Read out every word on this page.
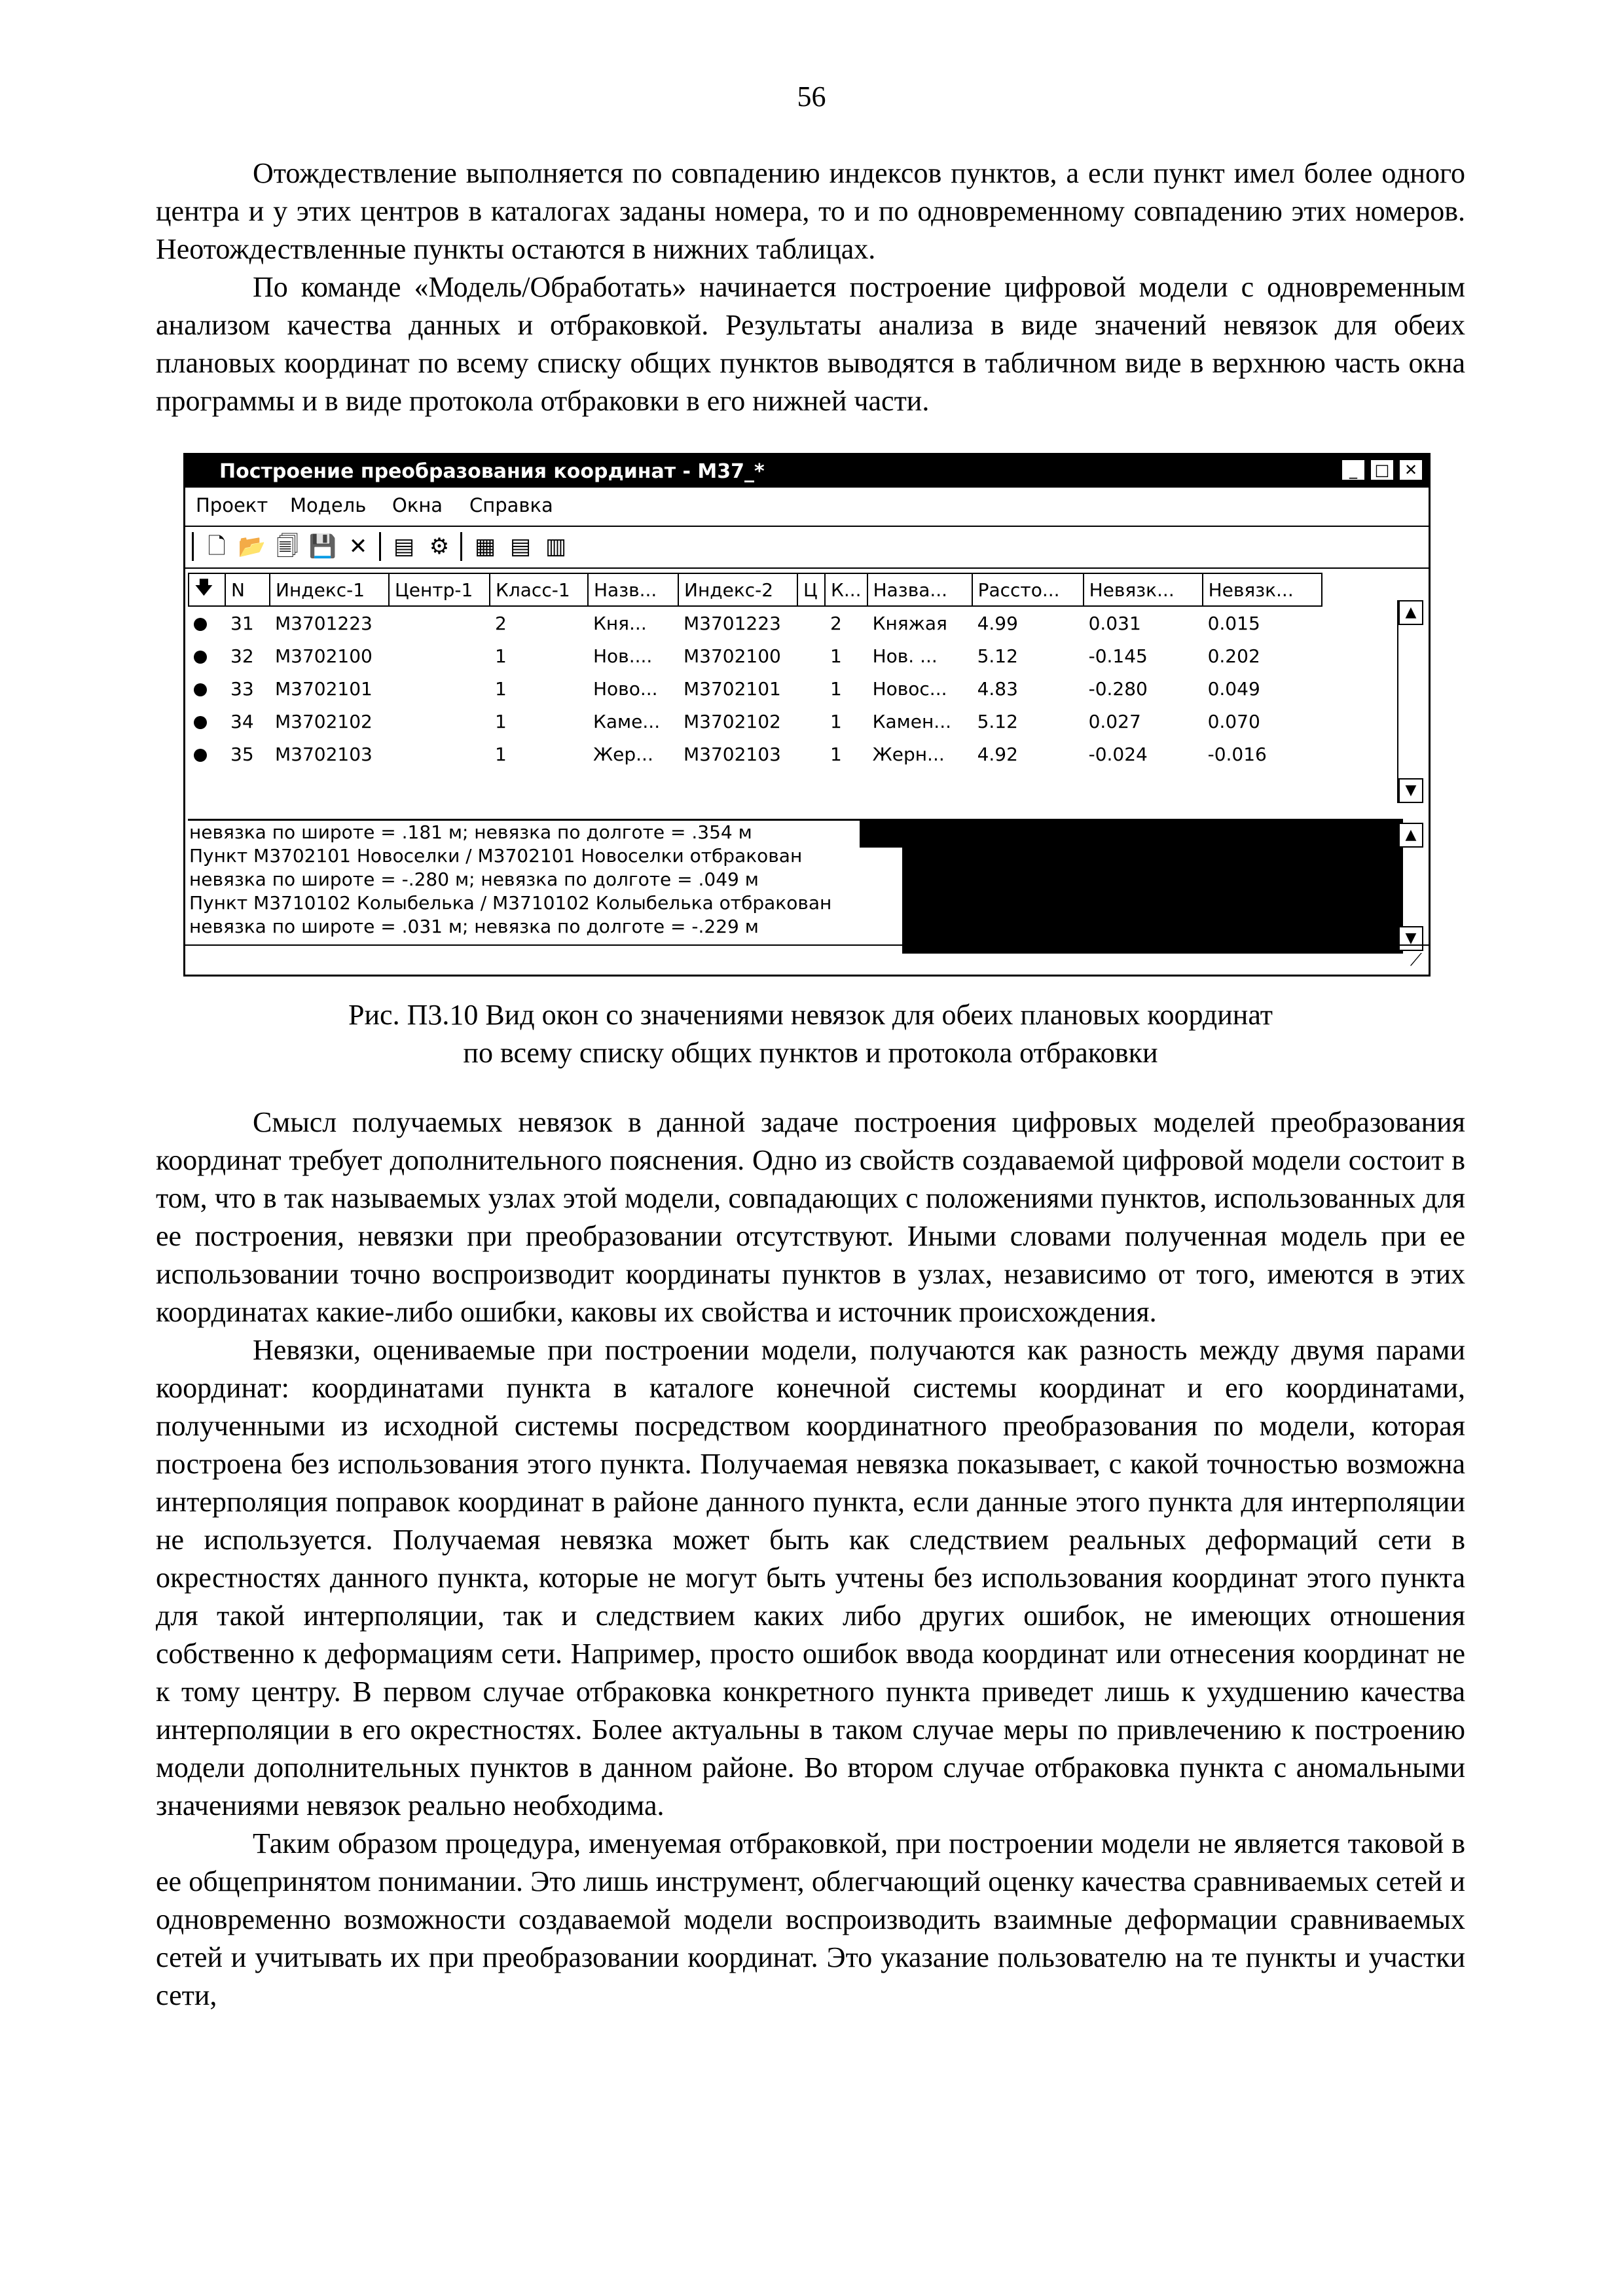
56

Отождествление выполняется по совпадению индексов пунктов, а если пункт имел более одного центра и у этих центров в каталогах заданы номера, то и по одновременному совпадению этих номеров. Неотождествленные пункты остаются в нижних таблицах.

По команде «Модель/Обработать» начинается построение цифровой модели с одновременным анализом качества данных и отбраковкой. Результаты анализа в виде значений невязок для обеих плановых координат по всему списку общих пунктов выводятся в табличном виде в верхнюю часть окна программы и в виде протокола отбраковки в его нижней части.

Построение преобразования координат - M37_*	_	□ ✕
Проект Модель Окна Справка
🗋 📂 🗐 💾 ✕ ▤ ⚙ ▦ ▤ ▥
🡇	N	Индекс-1	Центр-1	Класс-1	Назв...	Индекс-2	Ц	К...	Назва...	Рассто...	Невязк...	Невязк...
	31	M3701223		2	Кня...	M3701223		2	Княжая	4.99	0.031	0.015
	32	M3702100		1	Нов....	M3702100		1	Нов. ...	5.12	-0.145	0.202
	33	M3702101		1	Ново...	M3702101		1	Новос...	4.83	-0.280	0.049
	34	M3702102		1	Каме...	M3702102		1	Камен...	5.12	0.027	0.070
	35	M3702103		1	Жер...	M3702103		1	Жерн...	4.92	-0.024	-0.016
▲
▼
невязка по широте = .181 м; невязка по долготе = .354 м
Пункт M3702101 Новоселки / M3702101 Новоселки отбракован
невязка по широте = -.280 м; невязка по долготе = .049 м
Пункт M3710102 Колыбелька / M3710102 Колыбелька отбракован
невязка по широте = .031 м; невязка по долготе = -.229 м
▲
▼
⟋

Рис. П3.10 Вид окон со значениями невязок для обеих плановых координат

по всему списку общих пунктов и протокола отбраковки

Смысл получаемых невязок в данной задаче построения цифровых моделей преобразования координат требует дополнительного пояснения. Одно из свойств создаваемой цифровой модели состоит в том, что в так называемых узлах этой модели, совпадающих с положениями пунктов, использованных для ее построения, невязки при преобразовании отсутствуют. Иными словами полученная модель при ее использовании точно воспроизводит координаты пунктов в узлах, независимо от того, имеются в этих координатах какие-либо ошибки, каковы их свойства и источник происхождения.

Невязки, оцениваемые при построении модели, получаются как разность между двумя парами координат: координатами пункта в каталоге конечной системы координат и его координатами, полученными из исходной системы посредством координатного преобразования по модели, которая построена без использования этого пункта. Получаемая невязка показывает, с какой точностью возможна интерполяция поправок координат в районе данного пункта, если данные этого пункта для интерполяции не используется. Получаемая невязка может быть как следствием реальных деформаций сети в окрестностях данного пункта, которые не могут быть учтены без использования координат этого пункта для такой интерполяции, так и следствием каких либо других ошибок, не имеющих отношения собственно к деформациям сети. Например, просто ошибок ввода координат или отнесения координат не к тому центру. В первом случае отбраковка конкретного пункта приведет лишь к ухудшению качества интерполяции в его окрестностях. Более актуальны в таком случае меры по привлечению к построению модели дополнительных пунктов в данном районе. Во втором случае отбраковка пункта с аномальными значениями невязок реально необходима.

Таким образом процедура, именуемая отбраковкой, при построении модели не является таковой в ее общепринятом понимании. Это лишь инструмент, облегчающий оценку качества сравниваемых сетей и одновременно возможности создаваемой модели воспроизводить взаимные деформации сравниваемых сетей и учитывать их при преобразовании координат. Это указание пользователю на те пункты и участки сети,
